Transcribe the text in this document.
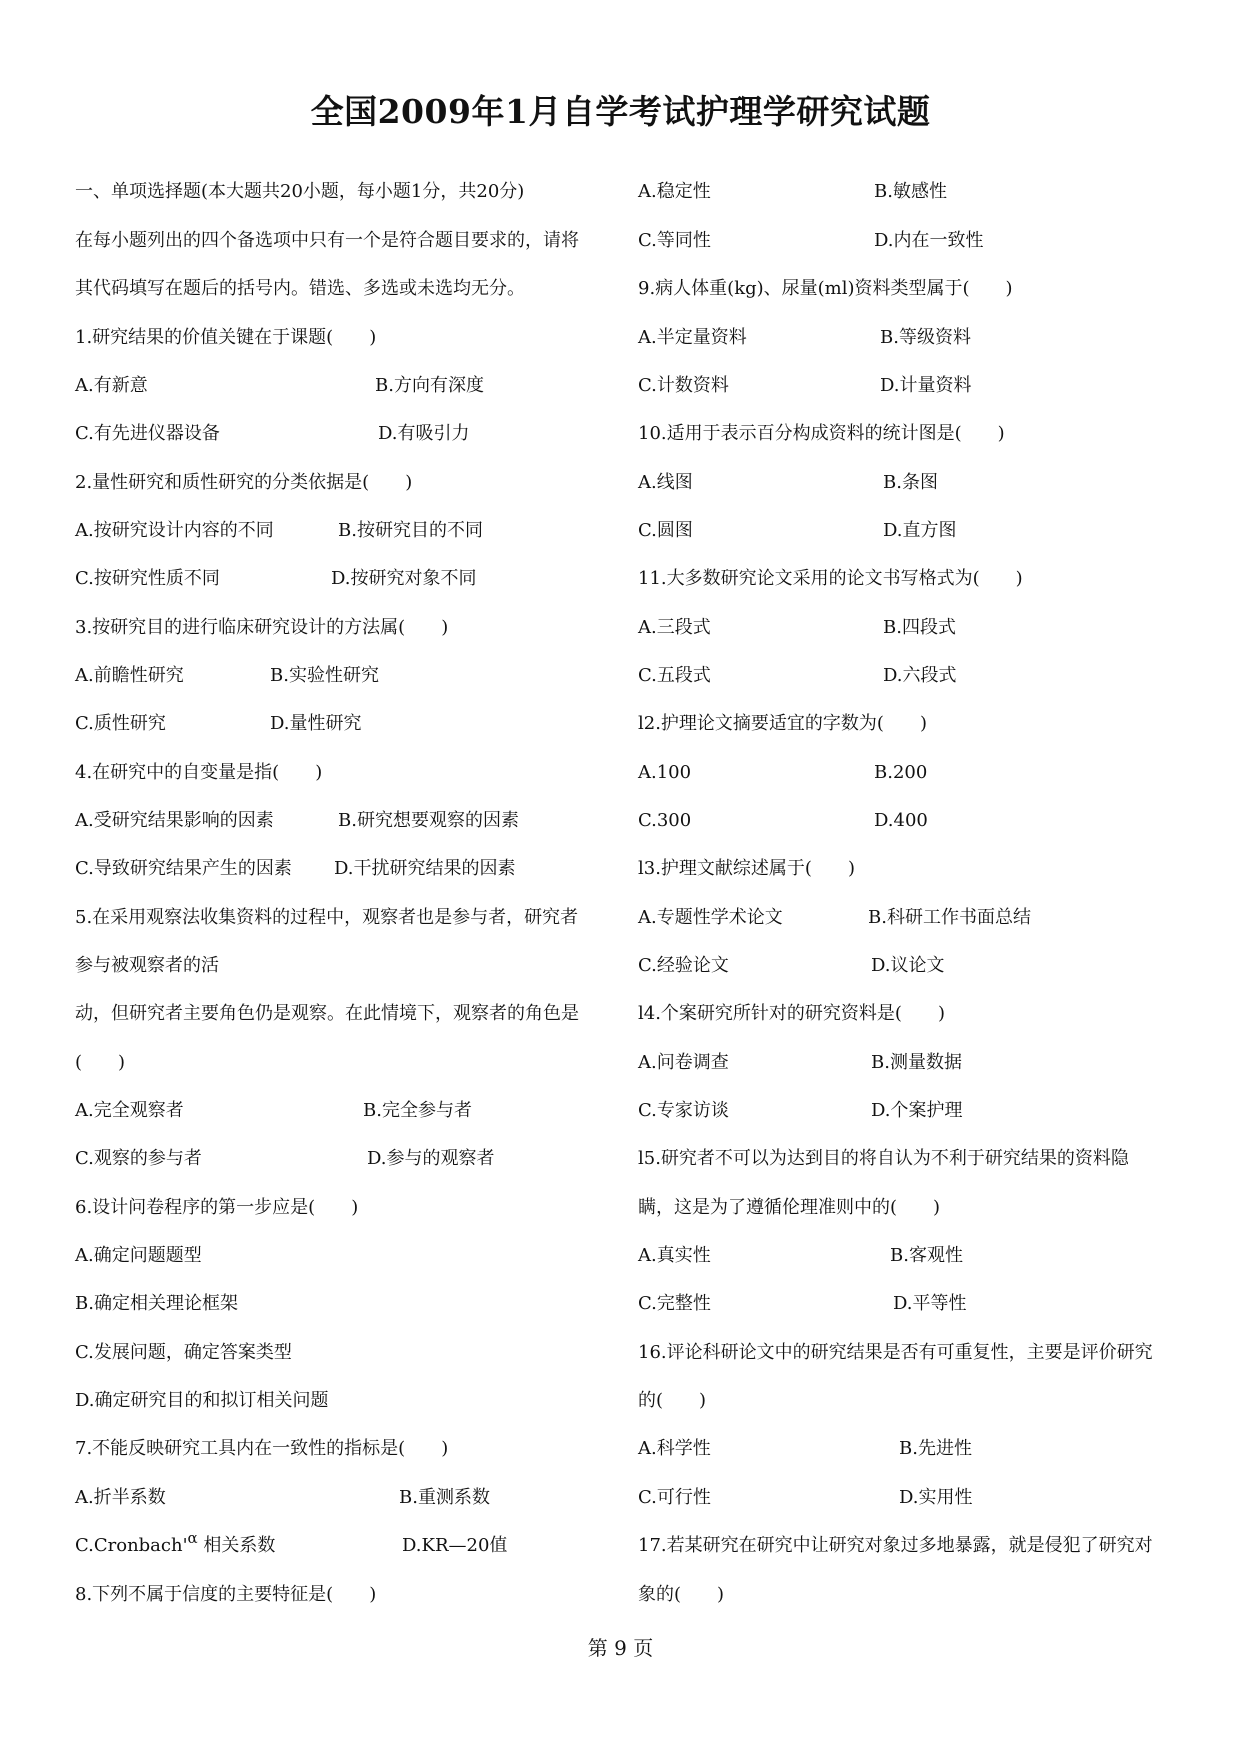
全国2009年1月自学考试护理学研究试题
一、单项选择题(本大题共20小题，每小题1分，共20分)
在每小题列出的四个备选项中只有一个是符合题目要求的，请将
其代码填写在题后的括号内。错选、多选或未选均无分。
1.研究结果的价值关键在于课题(　　)
A.有新意	B.方向有深度
C.有先进仪器设备	D.有吸引力
2.量性研究和质性研究的分类依据是(　　)
A.按研究设计内容的不同	B.按研究目的不同
C.按研究性质不同	D.按研究对象不同
3.按研究目的进行临床研究设计的方法属(　　)
A.前瞻性研究	B.实验性研究
C.质性研究	D.量性研究
4.在研究中的自变量是指(　　)
A.受研究结果影响的因素	B.研究想要观察的因素
C.导致研究结果产生的因素 D.干扰研究结果的因素
5.在采用观察法收集资料的过程中，观察者也是参与者，研究者
参与被观察者的活
动，但研究者主要角色仍是观察。在此情境下，观察者的角色是
(　　)
A.完全观察者	B.完全参与者
C.观察的参与者	D.参与的观察者
6.设计问卷程序的第一步应是(　　)
A.确定问题题型
B.确定相关理论框架
C.发展问题，确定答案类型
D.确定研究目的和拟订相关问题
7.不能反映研究工具内在一致性的指标是(　　)
A.折半系数	B.重测系数
$C.Cronbach'^\alpha$ 相关系数	D.KR—20值
8.下列不属于信度的主要特征是(　　)
A.稳定性	B.敏感性
C.等同性	D.内在一致性
9.病人体重(kg)、尿量(ml)资料类型属于(　　)
A.半定量资料	B.等级资料
C.计数资料	D.计量资料
10.适用于表示百分构成资料的统计图是(　　)
A.线图	B.条图
C.圆图	D.直方图
11.大多数研究论文采用的论文书写格式为(　　)
A.三段式	B.四段式
C.五段式	D.六段式
l2.护理论文摘要适宜的字数为(　　)
A.100	B.200
C.300	D.400
l3.护理文献综述属于(　　)
A.专题性学术论文	B.科研工作书面总结
C.经验论文	D.议论文
l4.个案研究所针对的研究资料是(　　)
A.问卷调查	B.测量数据
C.专家访谈	D.个案护理
l5.研究者不可以为达到目的将自认为不利于研究结果的资料隐
瞒，这是为了遵循伦理准则中的(　　)
A.真实性	B.客观性
C.完整性	D.平等性
16.评论科研论文中的研究结果是否有可重复性，主要是评价研究
的(　　)
A.科学性	B.先进性
C.可行性	D.实用性
17.若某研究在研究中让研究对象过多地暴露，就是侵犯了研究对
象的(　　)
第 9 页
